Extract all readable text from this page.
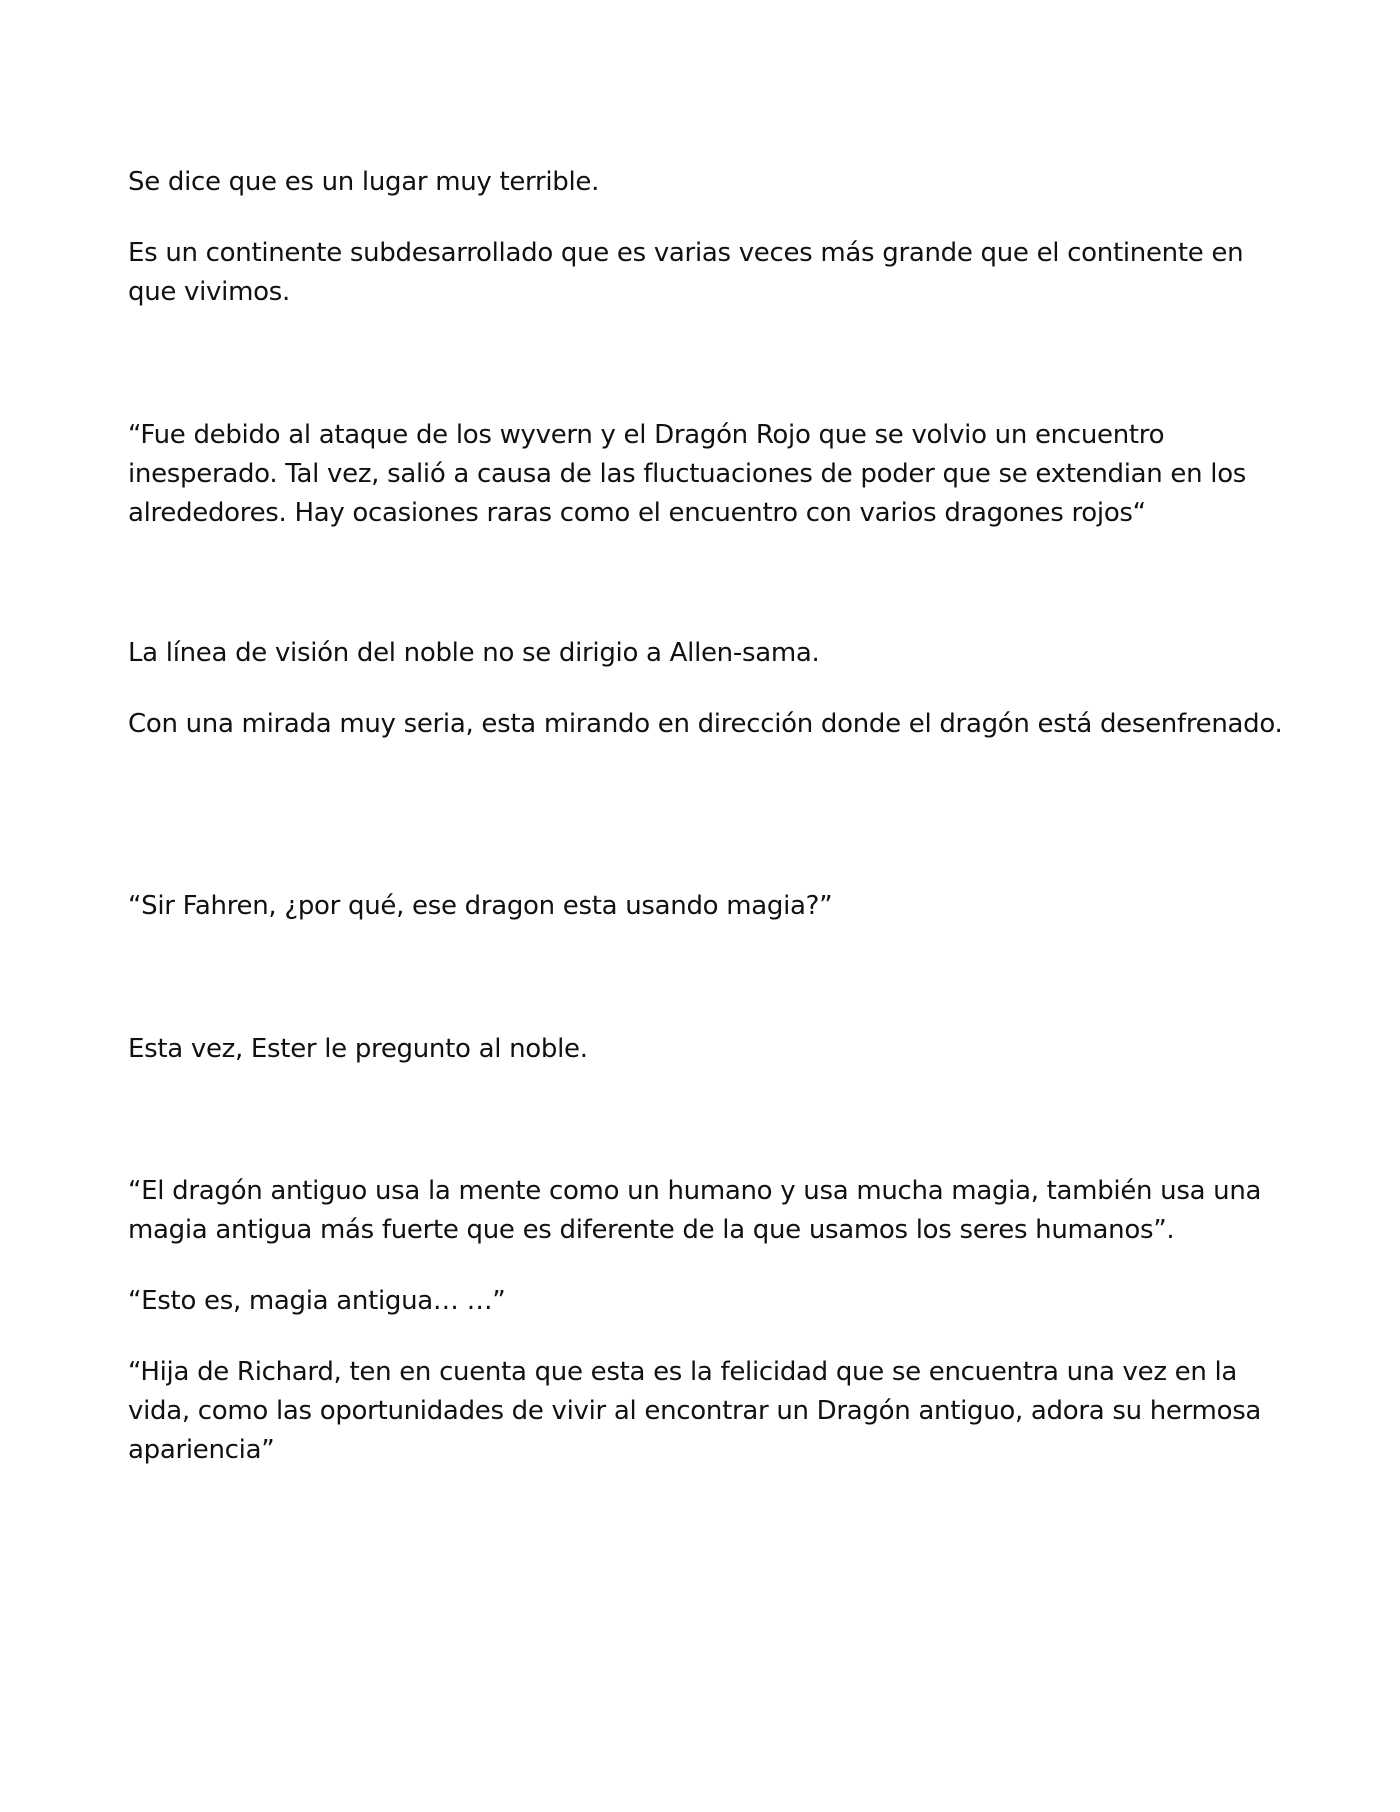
Se dice que es un lugar muy terrible.

Es un continente subdesarrollado que es varias veces más grande que el continente en que vivimos.

“Fue debido al ataque de los wyvern y el Dragón Rojo que se volvio un encuentro inesperado. Tal vez, salió a causa de las fluctuaciones de poder que se extendian en los alrededores. Hay ocasiones raras como el encuentro con varios dragones rojos“

La línea de visión del noble no se dirigio a Allen-sama.

Con una mirada muy seria, esta mirando en dirección donde el dragón está desenfrenado.

“Sir Fahren, ¿por qué, ese dragon esta usando magia?”

Esta vez, Ester le pregunto al noble.

“El dragón antiguo usa la mente como un humano y usa mucha magia, también usa una magia antigua más fuerte que es diferente de la que usamos los seres humanos”.

“Esto es, magia antigua… …”

“Hija de Richard, ten en cuenta que esta es la felicidad que se encuentra una vez en la vida, como las oportunidades de vivir al encontrar un Dragón antiguo, adora su hermosa apariencia”
